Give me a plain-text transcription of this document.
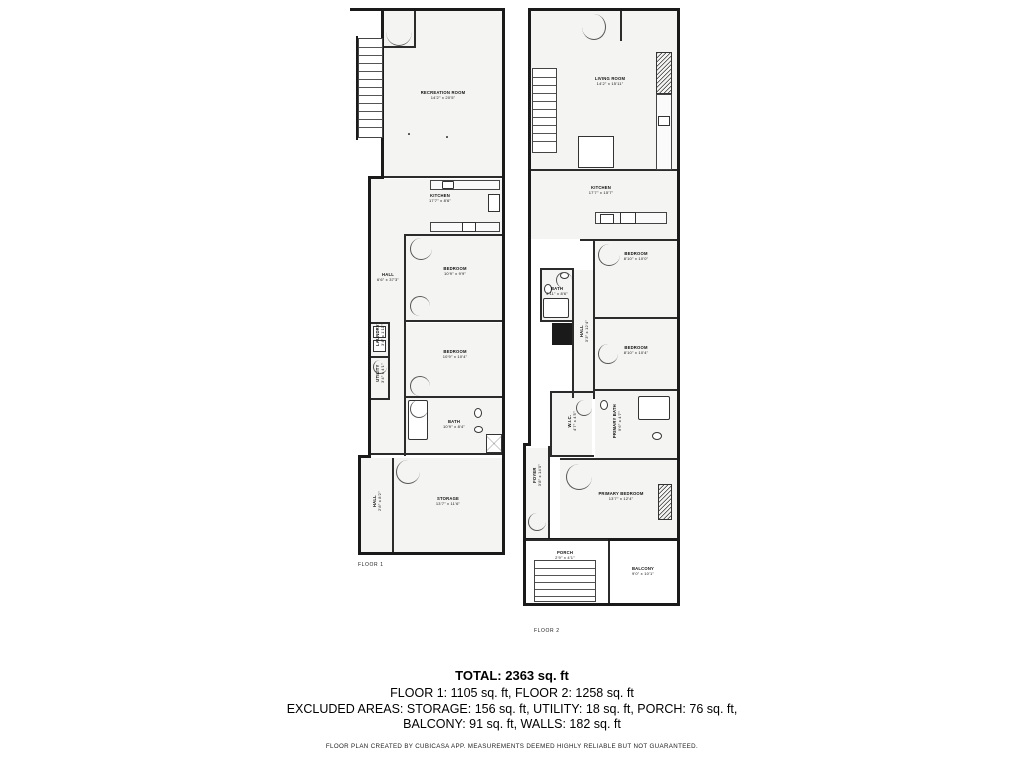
RECREATION ROOM
14'2" x 20'5"
KITCHEN
17'7" x 8'6"
HALL
6'6" x 37'3"
BEDROOM
10'9" x 9'9"
BEDROOM
10'9" x 10'4"
LAUNDRY 3'4" x 1'11"
UTILITY 3'4" x 4'1"
BATH
10'9" x 8'4"
STORAGE
13'7" x 11'6"
HALL 2'8" x 8'2"
FLOOR 1
LIVING ROOM
14'2" x 15'11"
KITCHEN
17'7" x 15'7"
BEDROOM
8'10" x 10'0"
BEDROOM
8'10" x 10'4"
BATH
4'11" x 8'6"
HALL 3'3" x 12'4"
W.I.C. 4'7" x 4'5"	PRIMARY BATH 9'6" x 4'7"
PRIMARY BEDROOM
13'7" x 12'4"
FOYER 3'8" x 14'0"
PORCH
2'9" x 4'1"
BALCONY
9'0" x 10'1"
FLOOR 2
TOTAL: 2363 sq. ft
FLOOR 1: 1105 sq. ft, FLOOR 2: 1258 sq. ft
EXCLUDED AREAS: STORAGE: 156 sq. ft, UTILITY: 18 sq. ft, PORCH: 76 sq. ft,
BALCONY: 91 sq. ft, WALLS: 182 sq. ft
FLOOR PLAN CREATED BY CUBICASA APP. MEASUREMENTS DEEMED HIGHLY RELIABLE BUT NOT GUARANTEED.
